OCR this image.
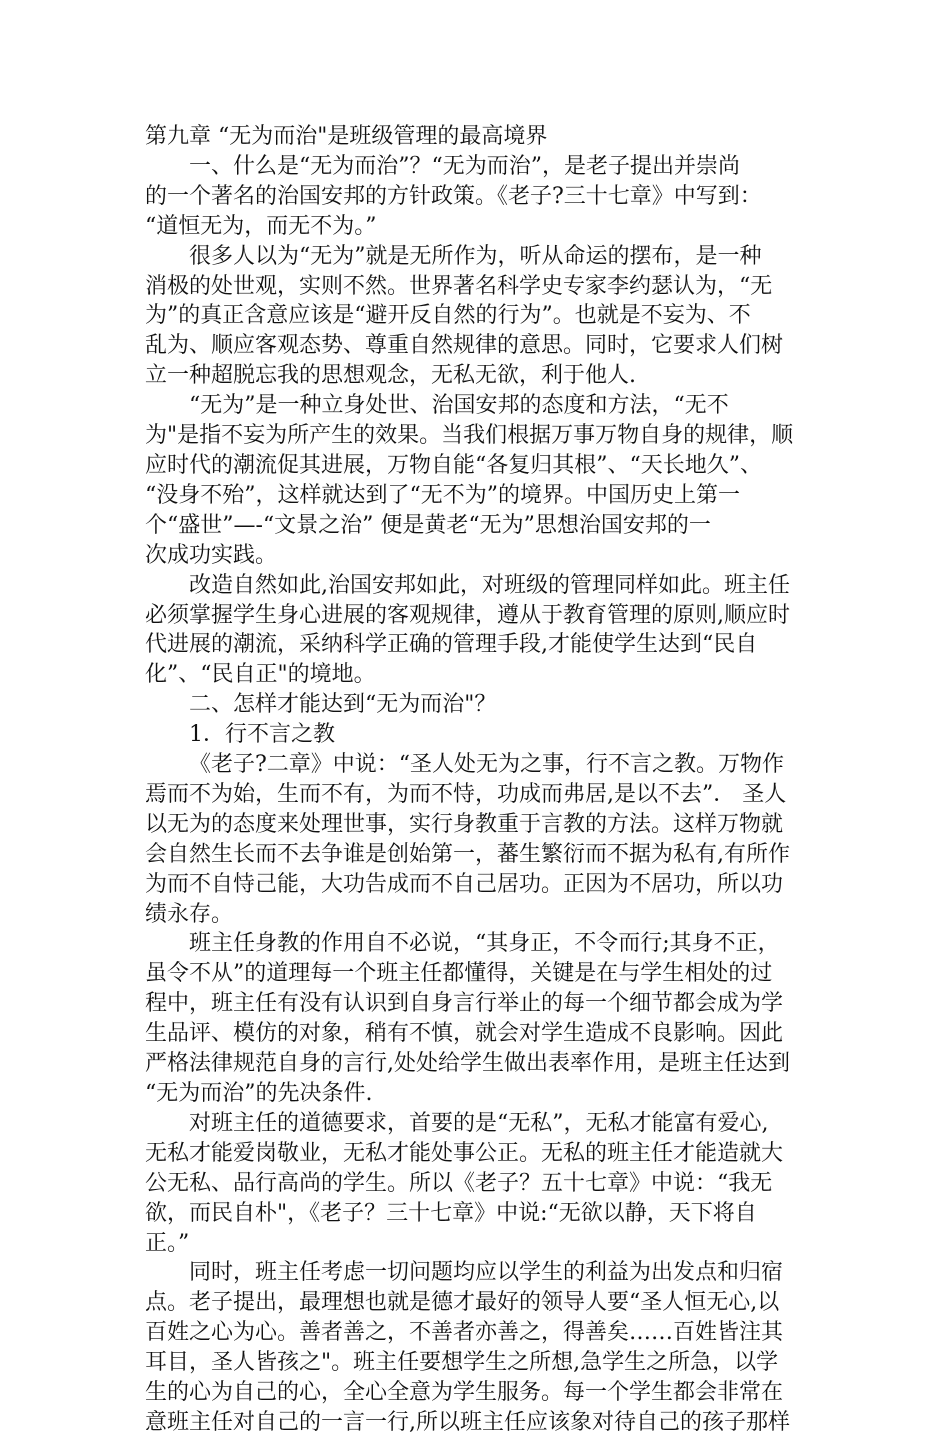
第九章 “无为而治"是班级管理的最高境界

一、什么是“无为而治”？“无为而治”，是老子提出并崇尚
的一个著名的治国安邦的方针政策。《老子?三十七章》中写到：
“道恒无为，而无不为。”

很多人以为“无为”就是无所作为，听从命运的摆布，是一种
消极的处世观，实则不然。世界著名科学史专家李约瑟认为，“无
为”的真正含意应该是“避开反自然的行为”。也就是不妄为、不
乱为、顺应客观态势、尊重自然规律的意思。同时，它要求人们树
立一种超脱忘我的思想观念，无私无欲，利于他人.

“无为”是一种立身处世、治国安邦的态度和方法，“无不
为"是指不妄为所产生的效果。当我们根据万事万物自身的规律，顺
应时代的潮流促其进展，万物自能“各复归其根”、“天长地久”、
“没身不殆”，这样就达到了“无不为”的境界。中国历史上第一
个“盛世”—-“文景之治” 便是黄老“无为”思想治国安邦的一
次成功实践。

改造自然如此,治国安邦如此，对班级的管理同样如此。班主任
必须掌握学生身心进展的客观规律，遵从于教育管理的原则,顺应时
代进展的潮流，采纳科学正确的管理手段,才能使学生达到“民自
化”、“民自正"的境地。

二、怎样才能达到“无为而治"？

1．行不言之教

《老子?二章》中说：“圣人处无为之事，行不言之教。万物作
焉而不为始，生而不有，为而不恃，功成而弗居,是以不去”． 圣人
以无为的态度来处理世事，实行身教重于言教的方法。这样万物就
会自然生长而不去争谁是创始第一，蕃生繁衍而不据为私有,有所作
为而不自恃己能，大功告成而不自己居功。正因为不居功，所以功
绩永存。

班主任身教的作用自不必说，“其身正，不令而行;其身不正，
虽令不从”的道理每一个班主任都懂得，关键是在与学生相处的过
程中，班主任有没有认识到自身言行举止的每一个细节都会成为学
生品评、模仿的对象，稍有不慎，就会对学生造成不良影响。因此
严格法律规范自身的言行,处处给学生做出表率作用，是班主任达到
“无为而治”的先决条件.

对班主任的道德要求，首要的是“无私”，无私才能富有爱心,
无私才能爱岗敬业，无私才能处事公正。无私的班主任才能造就大
公无私、品行高尚的学生。所以《老子？五十七章》中说：“我无
欲，而民自朴"，《老子？三十七章》中说:“无欲以静，天下将自
正。”

同时，班主任考虑一切问题均应以学生的利益为出发点和归宿
点。老子提出，最理想也就是德才最好的领导人要“圣人恒无心,以
百姓之心为心。善者善之，不善者亦善之，得善矣……百姓皆注其
耳目，圣人皆孩之"。班主任要想学生之所想,急学生之所急，以学
生的心为自己的心，全心全意为学生服务。每一个学生都会非常在
意班主任对自己的一言一行,所以班主任应该象对待自己的孩子那样
